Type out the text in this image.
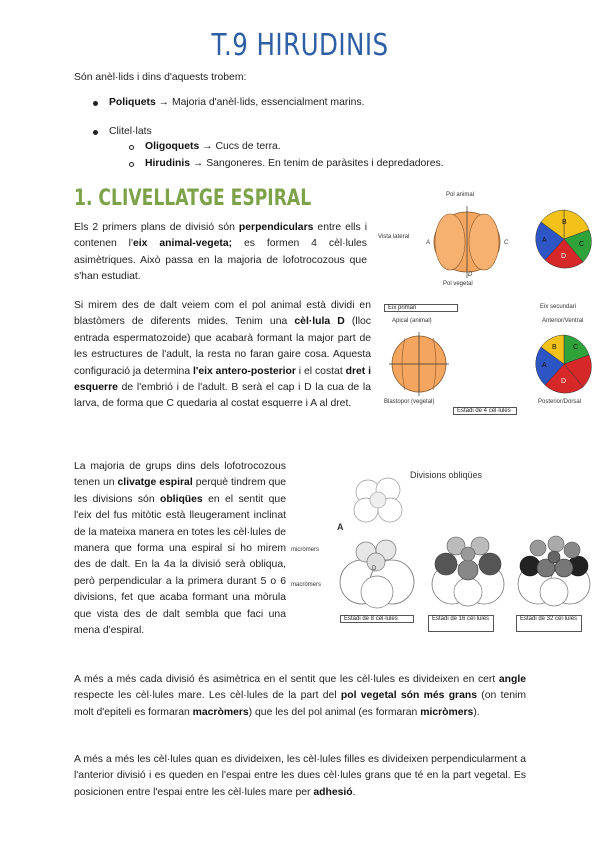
T.9 HIRUDINIS
Són anèl·lids i dins d'aquests trobem:
Poliquets → Majoria d'anèl·lids, essencialment marins.
Clitel·lats
Oligoquets → Cucs de terra.
Hirudinis → Sangoneres. En tenim de paràsites i depredadores.
1. CLIVELLATGE ESPIRAL

Els 2 primers plans de divisió són perpendiculars entre ells i contenen l'eix animal-vegeta; es formen 4 cèl·lules asimètriques. Això passa en la majoria de lofotrocozous que s'han estudiat.

Si mirem des de dalt veiem com el pol animal està dividi en blastòmers de diferents mides. Tenim una cèl·lula D (lloc entrada espermatozoide) que acabarà formant la major part de les estructures de l'adult, la resta no faran gaire cosa. Aquesta configuració ja determina l'eix antero-posterior i el costat dret i esquerre de l'embrió i de l'adult. B serà el cap i D la cua de la larva, de forma que C quedaria al costat esquerre i A al dret.

La majoria de grups dins dels lofotrocozous tenen un clivatge espiral perquè tindrem que les divisions són obliqües en el sentit que l'eix del fus mitòtic està lleugerament inclinat de la mateixa manera en totes les cèl·lules de manera que forma una espiral si ho mirem des de dalt. En la 4a la divisió serà obliqua, però perpendicular a la primera durant 5 o 6 divisions, fet que acaba formant una mòrula que vista des de dalt sembla que faci una mena d'espiral.

A més a més cada divisió és asimètrica en el sentit que les cèl·lules es divideixen en cert angle respecte les cèl·lules mare. Les cèl·lules de la part del pol vegetal són més grans (on tenim molt d'epiteli es formaran macròmers) que les del pol animal (es formaran micròmers).

A més a més les cèl·lules quan es divideixen, les cèl·lules filles es divideixen perpendicularment a l'anterior divisió i es queden en l'espai entre les dues cèl·lules grans que té en la part vegetal. Es posicionen entre l'espai entre les cèl·lules mare per adhesió.

Pol animal
Vista lateral
Pol vegetal
A	C
D
A
B
C
D
Eix primari	Eix secundari
Apical (animal)	Anterior/Ventral
A
B C
D
Blastopor (vegetal)	Posterior/Dorsal
Estadi de 4 cèl·lules
Divisions obliqües
A
micròmers
macròmers
D
Estadi de 8 cèl·lules	Estadi de 16 cèl·lules	Estadi de 32 cèl·lules
